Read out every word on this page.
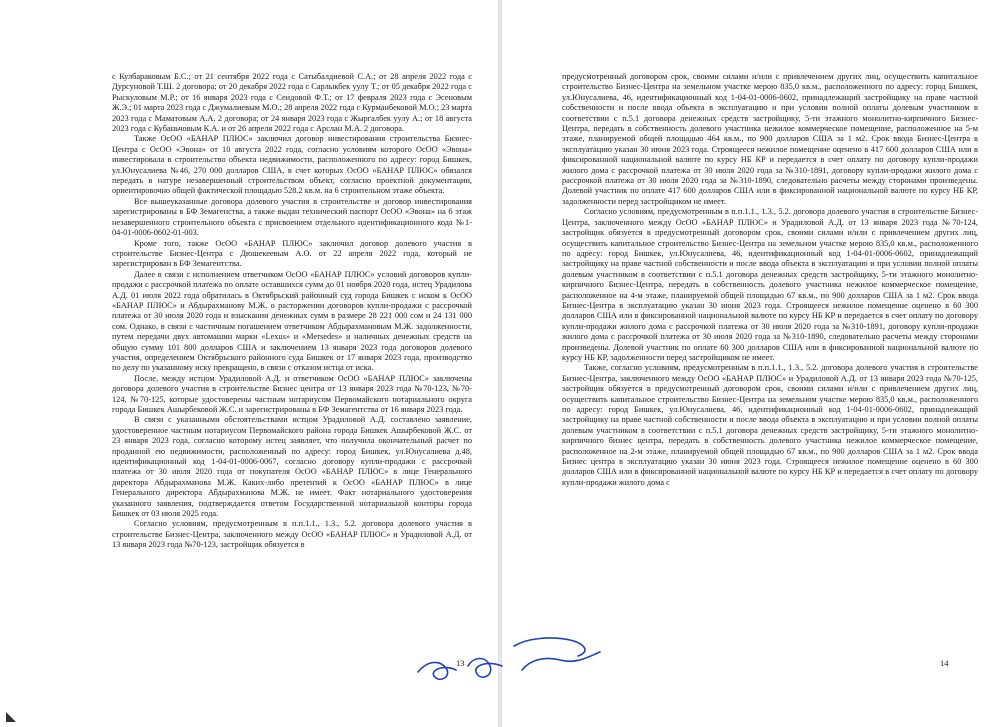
с Кулбараковым Б.С.; от 21 сентября 2022 года с Сатыбалдиевой С.А.; от 28 апреля 2022 года с Дурсуновой Т.Ш. 2 договора; от 20 декабря 2022 года с Сарлыкбек уулу Т.; от 05 декабря 2022 года с Рыскуловым М.Р.; от 16 января 2023 года с Сеидовой Ф.Т.; от 17 февраля 2023 года с Эсеновым Ж.Э.; 01 марта 2023 года с Джумалиевым М.О.; 28 апреля 2022 года с Курманбековой М.О.; 23 марта 2023 года с Маматовым А.А. 2 договора; от 24 января 2023 года с Жыргалбек уулу А.; от 18 августа 2023 года с Кубаньчовым К.А. и от 26 апреля 2022 года с Арслан М.А. 2 договора.

Также ОсОО «БАНАР ПЛЮС» заключил договор инвестирования строительства Бизнес-Центра с ОсОО «Эвона» от 10 августа 2022 года, согласно условиям которого ОсОО «Эвона» инвестировала в строительство объекта недвижимости, расположенного по адресу: город Бишкек, ул.Юнусалиева №46, 270 000 долларов США, в счет которых ОсОО «БАНАР ПЛЮС» обязался передать в натуре незавершенный строительством объект, согласно проектной документации, ориентировочно общей фактической площадью 528.2 кв.м. на 6 строительном этаже объекта.

Все вышеуказанные договора долевого участия в строительстве и договор инвестирования зарегистрированы в БФ Земагенства, а также выдан технический паспорт ОсОО «Эвона» на 6 этаж незавершенного строительного объекта с присвоением отдельного идентификационного кода №1-04-01-0006-0602-01-003.

Кроме того, также ОсОО «БАНАР ПЛЮС» заключил договор долевого участия в строительстве Бизнес-Центра с Дюшекеевым А.О. от 22 апреля 2022 года, который не зарегистрирован в БФ Земагентства.

Далее в связи с исполнением ответчиком ОсОО «БАНАР ПЛЮС» условий договоров купли-продажи с рассрочкой платежа по оплате оставшихся сумм до 01 ноября 2020 года, истец Урадилова А.Д. 01 июля 2022 года обратилась в Октябрьский районный суд города Бишкек с иском к ОсОО «БАНАР ПЛЮС» и Абдырахманову М.Ж. о расторжении договоров купли-продажи с рассрочкой платежа от 30 июля 2020 года и взыскании денежных сумм в размере 28 221 000 сом и 24 131 000 сом. Однако, в связи с частичным погашением ответчиком Абдырахмановым М.Ж. задолженности, путем передачи двух автомашин марки «Lexus» и «Mersedes» и наличных денежных средств на общую сумму 101 800 долларов США и заключением 13 января 2023 года договоров долевого участия, определением Октябрьского районного суда Бишкек от 17 января 2023 года, производство по делу по указанному иску прекращено, в связи с отказом истца от иска.

После, между истцом Урадиловой А.Д. и ответчиком ОсОО «БАНАР ПЛЮС» заключены договора долевого участия в строительстве Бизнес центра от 13 января 2023 года №70-123, №70-124, №70-125, которые удостоверены частным нотариусом Первомайского нотариального округа города Бишкек Ашырбековой Ж.С. и зарегистрированы в БФ Земагентства от 16 января 2023 года.

В связи с указанными обстоятельствами истцом Урадиловой А.Д. составлено заявление, удостоверенное частным нотариусом Первомайского района города Бишкек Ашырбековой Ж.С. от 23 января 2023 года, согласно которому истец заявляет, что получила окончательный расчет по проданной ею недвижимости, расположенный по адресу: город Бишкек, ул.Юнусалиева д.48, идентификационный код 1-04-01-0006-0067, согласно договору купли-продажи с рассрочкой платежа от 30 июля 2020 года от покупателя ОсОО «БАНАР ПЛЮС» в лице Генерального директора Абдырахманова М.Ж. Каких-либо претензий к ОсОО «БАНАР ПЛЮС» в лице Генерального директора Абдырахманова М.Ж. не имеет. Факт нотариального удостоверения указанного заявления, подтверждается ответом Государственной нотариальной конторы города Бишкек от 03 июля 2025 года.

Согласно условиям, предусмотренным в п.п.1.1., 1.3., 5.2. договора долевого участия в строительстве Бизнес-Центра, заключенного между ОсОО «БАНАР ПЛЮС» и Урадиловой А.Д. от 13 января 2023 года №70-123, застройщик обязуется в

предусмотренный договором срок, своими силами и/или с привлечением других лиц, осуществить капитальное строительство Бизнес-Центра на земельном участке мерою 835,0 кв.м., расположенного по адресу: город Бишкек, ул.Юнусалиева, 46, идентификационный код 1-04-01-0006-0602, принадлежащий застройщику на праве частной собственности и после ввода объекта в эксплуатацию и при условии полной оплаты долевым участником в соответствии с п.5.1 договора денежных средств застройщику, 5-ти этажного монолитно-кирпичного Бизнес-Центра, передать в собственность долевого участника нежилое коммерческое помещение, расположенное на 5-м этаже, планируемой общей площадью 464 кв.м., по 900 долларов США за 1 м2. Срок ввода Бизнес-Центра в эксплуатацию указан 30 июня 2023 года. Строящееся нежилое помещение оценено в 417 600 долларов США или в фиксированной национальной валюте по курсу НБ КР и передается в счет оплату по договору купли-продажи жилого дома с рассрочкой платежа от 30 июля 2020 года за №310-1891, договору купли-продажи жилого дома с рассрочкой платежа от 30 июля 2020 года за №310-1890, следовательно расчеты между сторонами произведены. Долевой участник по оплате 417 600 долларов США или в фиксированной национальной валюте по курсу НБ КР, задолженности перед застройщиком не имеет.

Согласно условиям, предусмотренным в п.п.1.1., 1.3., 5.2. договора долевого участия в строительстве Бизнес-Центра, заключенного между ОсОО «БАНАР ПЛЮС» и Урадиловой А.Д. от 13 января 2023 года №70-124, застройщик обязуется в предусмотренный договором срок, своими силами и/или с привлечением других лиц, осуществить капитальное строительство Бизнес-Центра на земельном участке мерою 835,0 кв.м., расположенного по адресу: город Бишкек, ул.Юнусалиева, 46, идентификационный код 1-04-01-0006-0602, принадлежащий застройщику на праве частной собственности и после ввода объекта в эксплуатацию и при условии полной оплаты долевым участником в соответствии с п.5.1 договора денежных средств застройщику, 5-ти этажного монолитно-кирпичного Бизнес-Центра, передать в собственность долевого участника нежилое коммерческое помещение, расположенное на 4-м этаже, планируемой общей площадью 67 кв.м., по 900 долларов США за 1 м2. Срок ввода Бизнес-Центра в эксплуатацию указан 30 июня 2023 года. Строящееся нежилое помещение оценено в 60 300 долларов США или в фиксированной национальной валюте по курсу НБ КР и передается в счет оплату по договору купли-продажи жилого дома с рассрочкой платежа от 30 июля 2020 года за №310-1891, договору купли-продажи жилого дома с рассрочкой платежа от 30 июля 2020 года за №310-1890, следовательно расчеты между сторонами произведены. Долевой участник по оплате 60 300 долларов США или в фиксированной национальной валюте по курсу НБ КР, задолженности перед застройщиком не имеет.

Также, согласно условиям, предусмотренным в п.п.1.1., 1.3., 5.2. договора долевого участия в строительстве Бизнес-Центра, заключенного между ОсОО «БАНАР ПЛЮС» и Урадиловой А.Д. от 13 января 2023 года №70-125, застройщик обязуется в предусмотренный договором срок, своими силами и/или с привлечением других лиц, осуществить капитальное строительство Бизнес-Центра на земельном участке мерою 835,0 кв.м., расположенного по адресу: город Бишкек, ул.Юнусалиева, 46, идентификационный код 1-04-01-0006-0602, принадлежащий застройщику на праве частной собственности и после ввода объекта в эксплуатацию и при условии полной оплаты долевым участником в соответствии с п.5.1 договора денежных средств застройщику, 5-ти этажного монолитно-кирпичного бизнес центра, передать в собственность долевого участника нежилое коммерческое помещение, расположенное на 2-м этаже, планируемой общей площадью 67 кв.м., по 900 долларов США за 1 м2. Срок ввода Бизнес центра в эксплуатацию указан 30 июня 2023 года. Строящееся нежилое помещение оценено в 60 300 долларов США или в фиксированной национальной валюте по курсу НБ КР и передается в счет оплату по договору купли-продажи жилого дома с

13	14
